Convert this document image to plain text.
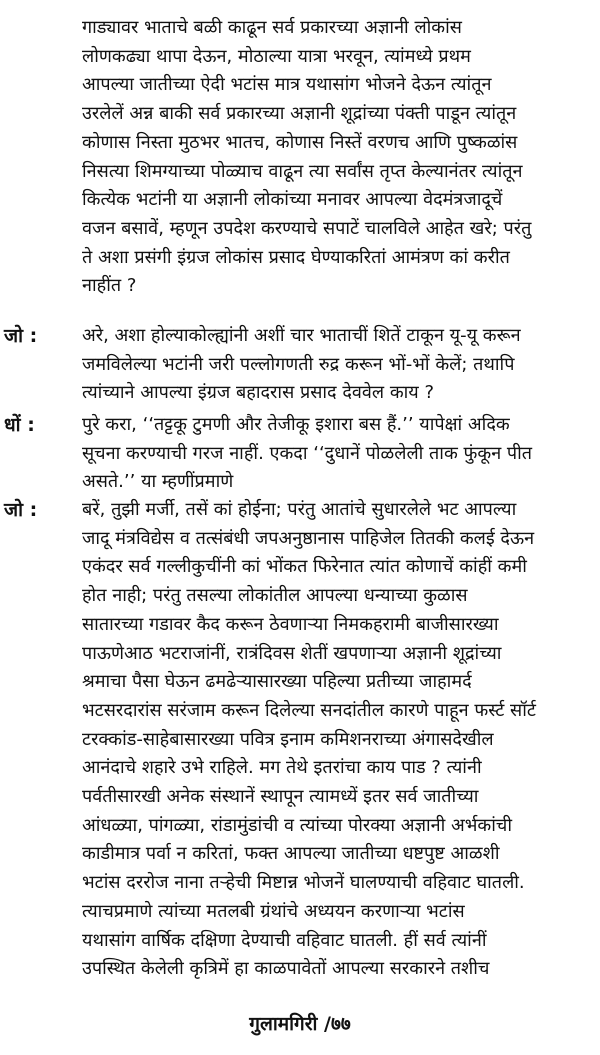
गाड्यावर भाताचे बळी काढून सर्व प्रकारच्या अज्ञानी लोकांस
लोणकढ्या थापा देऊन, मोठाल्या यात्रा भरवून, त्यांमध्ये प्रथम
आपल्या जातीच्या ऐदी भटांस मात्र यथासांग भोजने देऊन त्यांतून
उरलेलें अन्न बाकी सर्व प्रकारच्या अज्ञानी शूद्रांच्या पंक्ती पाडून त्यांतून
कोणास निस्ता मुठभर भातच, कोणास निस्तें वरणच आणि पुष्कळांस
निसत्या शिमग्याच्या पोळ्याच वाढून त्या सर्वांस तृप्त केल्यानंतर त्यांतून
कित्येक भटांनी या अज्ञानी लोकांच्या मनावर आपल्या वेदमंत्रजादूचें
वजन बसावें, म्हणून उपदेश करण्याचे सपाटें चालविले आहेत खरे; परंतु
ते अशा प्रसंगी इंग्रज लोकांस प्रसाद घेण्याकरितां आमंत्रण कां करीत
नाहींत ?
जो :	अरे, अशा होल्याकोल्ह्यांनी अशीं चार भाताचीं शितें टाकून यू-यू करून
जमविलेल्या भटांनी जरी पल्लोगणती रुद्र करून भों-भों केलें; तथापि
त्यांच्याने आपल्या इंग्रज बहादरास प्रसाद देववेल काय ?
धों :	पुरे करा, ‘‘तट्टकू टुमणी और तेजीकू इशारा बस हैं.’’ यापेक्षां अदिक
सूचना करण्याची गरज नाहीं. एकदा ‘‘दुधानें पोळलेली ताक फुंकून पीत
असते.’’ या म्हणींप्रमाणे
जो :	बरें, तुझी मर्जी, तसें कां होईना; परंतु आतांचे सुधारलेले भट आपल्या
जादू मंत्रविद्येस व तत्संबंधी जपअनुष्ठानास पाहिजेल तितकी कलई देऊन
एकंदर सर्व गल्लीकुचींनी कां भोंकत फिरेनात त्यांत कोणाचें कांहीं कमी
होत नाही; परंतु तसल्या लोकांतील आपल्या धन्याच्या कुळास
सातारच्या गडावर कैद करून ठेवणाऱ्या निमकहरामी बाजीसारख्या
पाऊणेआठ भटराजांनीं, रात्रंदिवस शेतीं खपणाऱ्या अज्ञानी शूद्रांच्या
श्रमाचा पैसा घेऊन ढमढेऱ्यासारख्या पहिल्या प्रतीच्या जाहामर्द
भटसरदारांस सरंजाम करून दिलेल्या सनदांतील कारणे पाहून फर्स्ट सॉर्ट
टरक्कांड-साहेबासारख्या पवित्र इनाम कमिशनराच्या अंगासदेखील
आनंदाचे शहारे उभे राहिले. मग तेथे इतरांचा काय पाड ? त्यांनी
पर्वतीसारखी अनेक संस्थानें स्थापून त्यामध्यें इतर सर्व जातीच्या
आंधळ्या, पांगळ्या, रांडामुंडांची व त्यांच्या पोरक्या अज्ञानी अर्भकांची
काडीमात्र पर्वा न करितां, फक्त आपल्या जातीच्या धष्टपुष्ट आळशी
भटांस दररोज नाना तऱ्हेची मिष्टान्न भोजनें घालण्याची वहिवाट घातली.
त्याचप्रमाणे त्यांच्या मतलबी ग्रंथांचे अध्ययन करणाऱ्या भटांस
यथासांग वार्षिक दक्षिणा देण्याची वहिवाट घातली. हीं सर्व त्यांनीं
उपस्थित केलेली कृत्रिमें हा काळपावेतों आपल्या सरकारने तशीच
गुलामगिरी /७७
